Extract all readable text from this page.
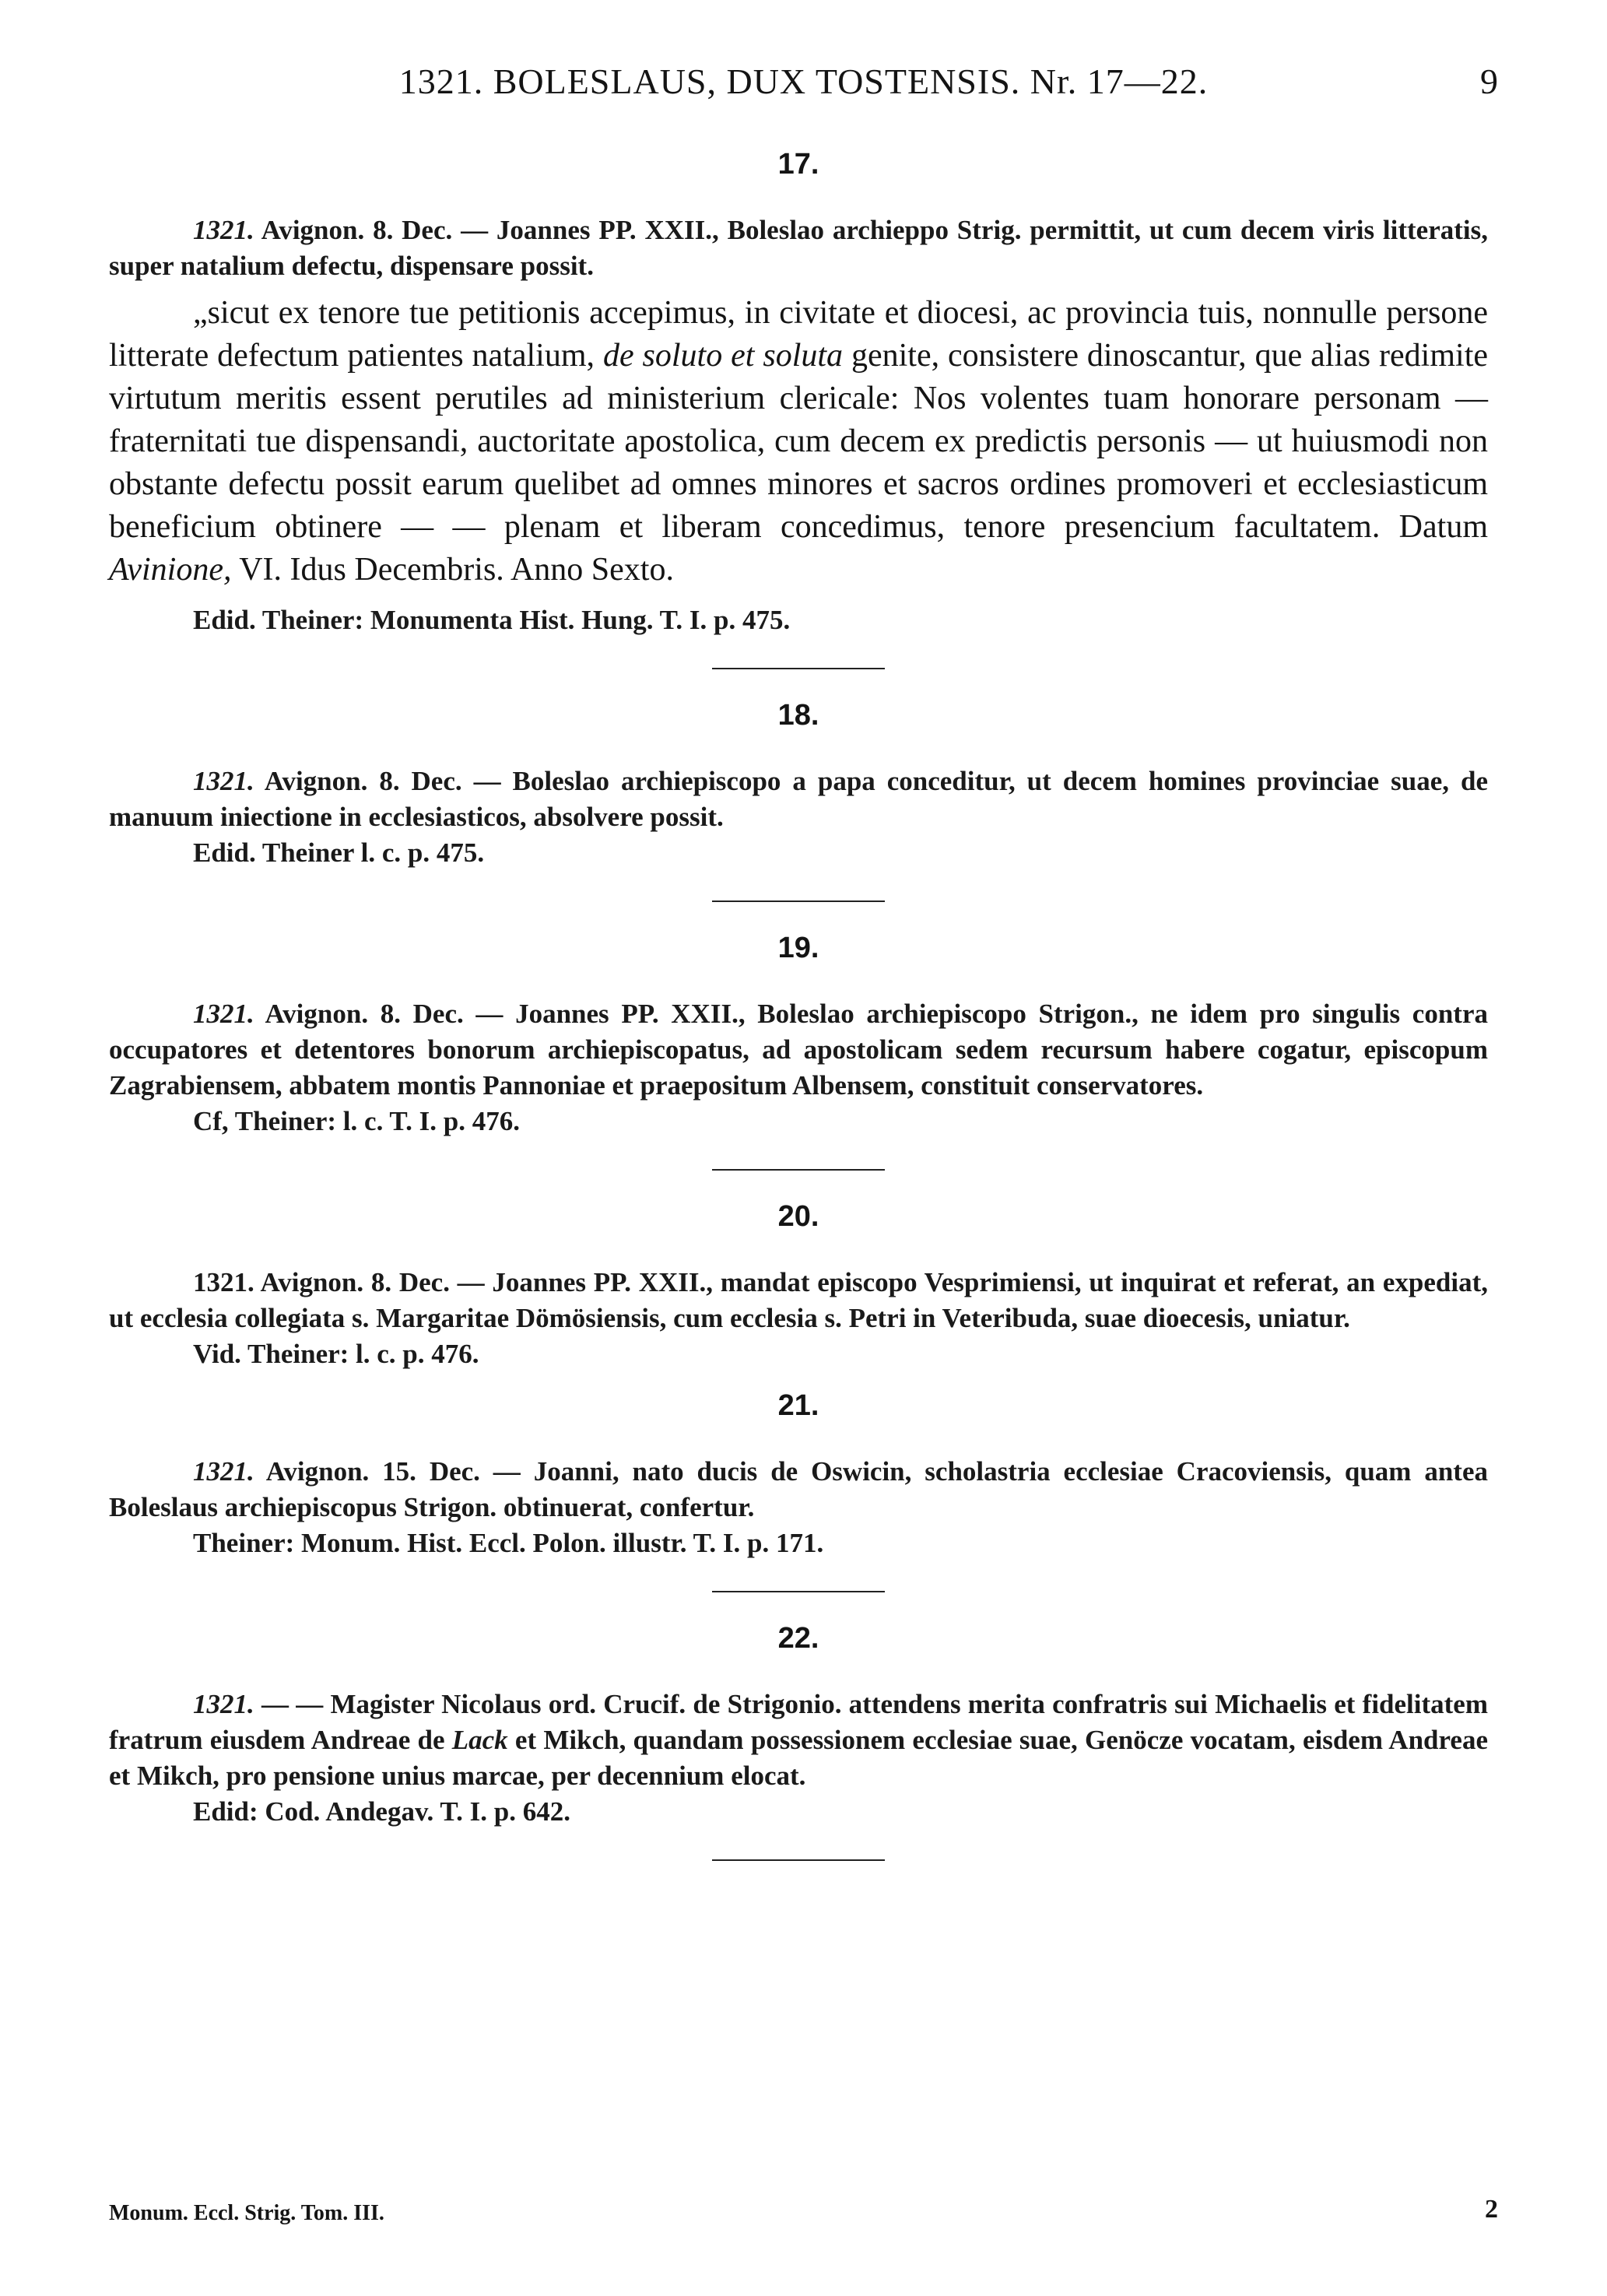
1321. BOLESLAUS, DUX TOSTENSIS. Nr. 17—22.	9
17.

1321. Avignon. 8. Dec. — Joannes PP. XXII., Boleslao archieppo Strig. permittit, ut cum decem viris litteratis, super natalium defectu, dispensare possit.

„sicut ex tenore tue petitionis accepimus, in civitate et diocesi, ac provincia tuis, nonnulle persone litterate defectum patientes natalium, de soluto et soluta genite, consistere dinoscantur, que alias redimite virtutum meritis essent perutiles ad ministerium clericale: Nos volentes tuam honorare personam — fraternitati tue dispensandi, auctoritate apostolica, cum decem ex predictis personis — ut huiusmodi non obstante defectu possit earum quelibet ad omnes minores et sacros ordines promoveri et ecclesiasticum beneficium obtinere — — plenam et liberam concedimus, tenore presencium facultatem. Datum Avinione, VI. Idus Decembris. Anno Sexto.

Edid. Theiner: Monumenta Hist. Hung. T. I. p. 475.

18.

1321. Avignon. 8. Dec. — Boleslao archiepiscopo a papa conceditur, ut decem homines provinciae suae, de manuum iniectione in ecclesiasticos, absolvere possit.

Edid. Theiner l. c. p. 475.

19.

1321. Avignon. 8. Dec. — Joannes PP. XXII., Boleslao archiepiscopo Strigon., ne idem pro singulis contra occupatores et detentores bonorum archiepiscopatus, ad apostolicam sedem recursum habere cogatur, episcopum Zagrabiensem, abbatem montis Pannoniae et praepositum Albensem, constituit conservatores.

Cf, Theiner: l. c. T. I. p. 476.

20.

1321. Avignon. 8. Dec. — Joannes PP. XXII., mandat episcopo Vesprimiensi, ut inquirat et referat, an expediat, ut ecclesia collegiata s. Margaritae Dömösiensis, cum ecclesia s. Petri in Veteribuda, suae dioecesis, uniatur.

Vid. Theiner: l. c. p. 476.

21.

1321. Avignon. 15. Dec. — Joanni, nato ducis de Oswicin, scholastria ecclesiae Cracoviensis, quam antea Boleslaus archiepiscopus Strigon. obtinuerat, confertur.

Theiner: Monum. Hist. Eccl. Polon. illustr. T. I. p. 171.

22.

1321. — — Magister Nicolaus ord. Crucif. de Strigonio. attendens merita confratris sui Michaelis et fidelitatem fratrum eiusdem Andreae de Lack et Mikch, quandam possessionem ecclesiae suae, Genöcze vocatam, eisdem Andreae et Mikch, pro pensione unius marcae, per decennium elocat.

Edid: Cod. Andegav. T. I. p. 642.

Monum. Eccl. Strig. Tom. III.	2
